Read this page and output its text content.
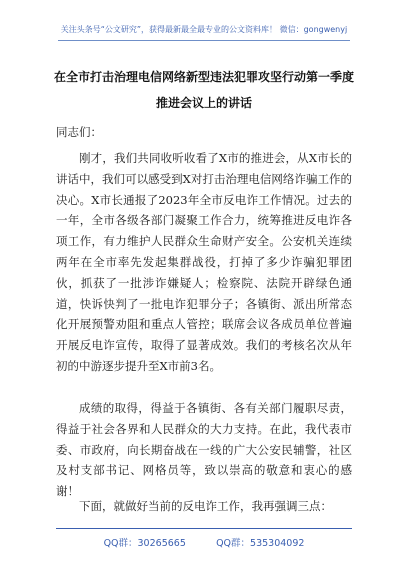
关注头条号“公文研究”，获得最新最全最专业的公文资料库！ 微信：gongwenyj
在全市打击治理电信网络新型违法犯罪攻坚行动第一季度
推进会议上的讲话
同志们：

刚才，我们共同收听收看了X市的推进会，从X市长的讲话中，我们可以感受到X对打击治理电信网络诈骗工作的决心。X市长通报了2023年全市反电诈工作情况。过去的一年，全市各级各部门凝聚工作合力，统筹推进反电诈各项工作，有力维护人民群众生命财产安全。公安机关连续两年在全市率先发起集群战役，打掉了多少诈骗犯罪团伙，抓获了一批涉诈嫌疑人；检察院、法院开辟绿色通道，快诉快判了一批电诈犯罪分子；各镇街、派出所常态化开展预警劝阻和重点人管控；联席会议各成员单位普遍开展反电诈宣传，取得了显著成效。我们的考核名次从年初的中游逐步提升至X市前3名。

成绩的取得，得益于各镇街、各有关部门履职尽责，得益于社会各界和人民群众的大力支持。在此，我代表市委、市政府，向长期奋战在一线的广大公安民辅警，社区及村支部书记、网格员等，致以崇高的敬意和衷心的感谢！

下面，就做好当前的反电诈工作，我再强调三点：

QQ群：30265665          QQ群：535304092
